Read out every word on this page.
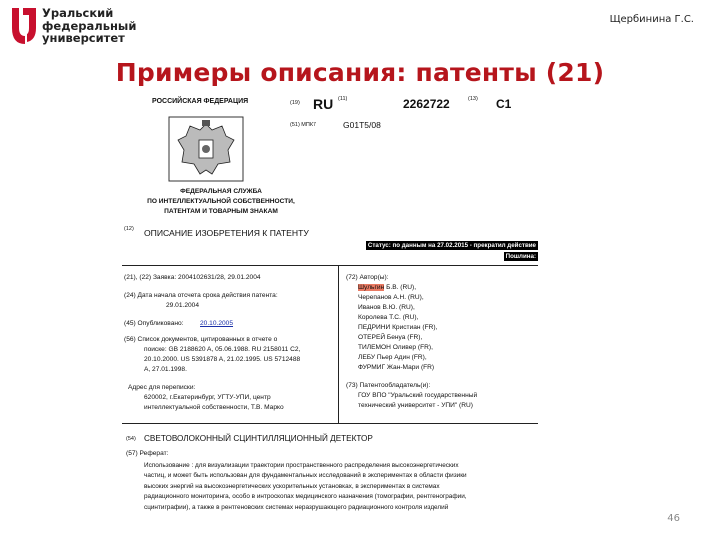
Уральский
федеральный
университет
Щербинина Г.С.
Примеры описания: патенты (21)
РОССИЙСКАЯ ФЕДЕРАЦИЯ
ФЕДЕРАЛЬНАЯ СЛУЖБА
ПО ИНТЕЛЛЕКТУАЛЬНОЙ СОБСТВЕННОСТИ,
ПАТЕНТАМ И ТОВАРНЫМ ЗНАКАМ
(19) RU (11)	2262722	(13) C1
(51) МПК7	G01T5/08
(12) ОПИСАНИЕ ИЗОБРЕТЕНИЯ К ПАТЕНТУ
Статус: по данным на 27.02.2015 - прекратил действие
Пошлина:
(21), (22) Заявка: 2004102631/28, 29.01.2004
(24) Дата начала отсчета срока действия патента:
29.01.2004
(45) Опубликовано: 20.10.2005
(56) Список документов, цитированных в отчете о
поиске: GB 2188620 A, 05.06.1988. RU 2158011 C2,
20.10.2000. US 5391878 A, 21.02.1995. US 5712488
A, 27.01.1998.
Адрес для переписки:
620002, г.Екатеринбург, УГТУ-УПИ, центр
интеллектуальной собственности, Т.В. Марко
(72) Автор(ы):
Шульгин Б.В. (RU),
Черепанов А.Н. (RU),
Иванов В.Ю. (RU),
Королева Т.С. (RU),
ПЕДРИНИ Кристиан (FR),
ОТЕРЕЙ Бенуа (FR),
ТИЛЕМОН Оливер (FR),
ЛЕБУ Пьер Адин (FR),
ФУРМИГ Жан-Мари (FR)
(73) Патентообладатель(и):
ГОУ ВПО "Уральский государственный
технический университет - УПИ" (RU)
(54) СВЕТОВОЛОКОННЫЙ СЦИНТИЛЛЯЦИОННЫЙ ДЕТЕКТОР
(57) Реферат:
Использование : для визуализации траектории пространственного распределения высокоэнергетических
частиц, и может быть использован для фундаментальных исследований в экспериментах в области физики
высоких энергий на высокоэнергетических ускорительных установках, в экспериментах в системах
радиационного мониторинга, особо в интроскопах медицинского назначения (томографии, рентгенографии,
сцинтиграфии), а также в рентгеновских системах неразрушающего радиационного контроля изделий
46
